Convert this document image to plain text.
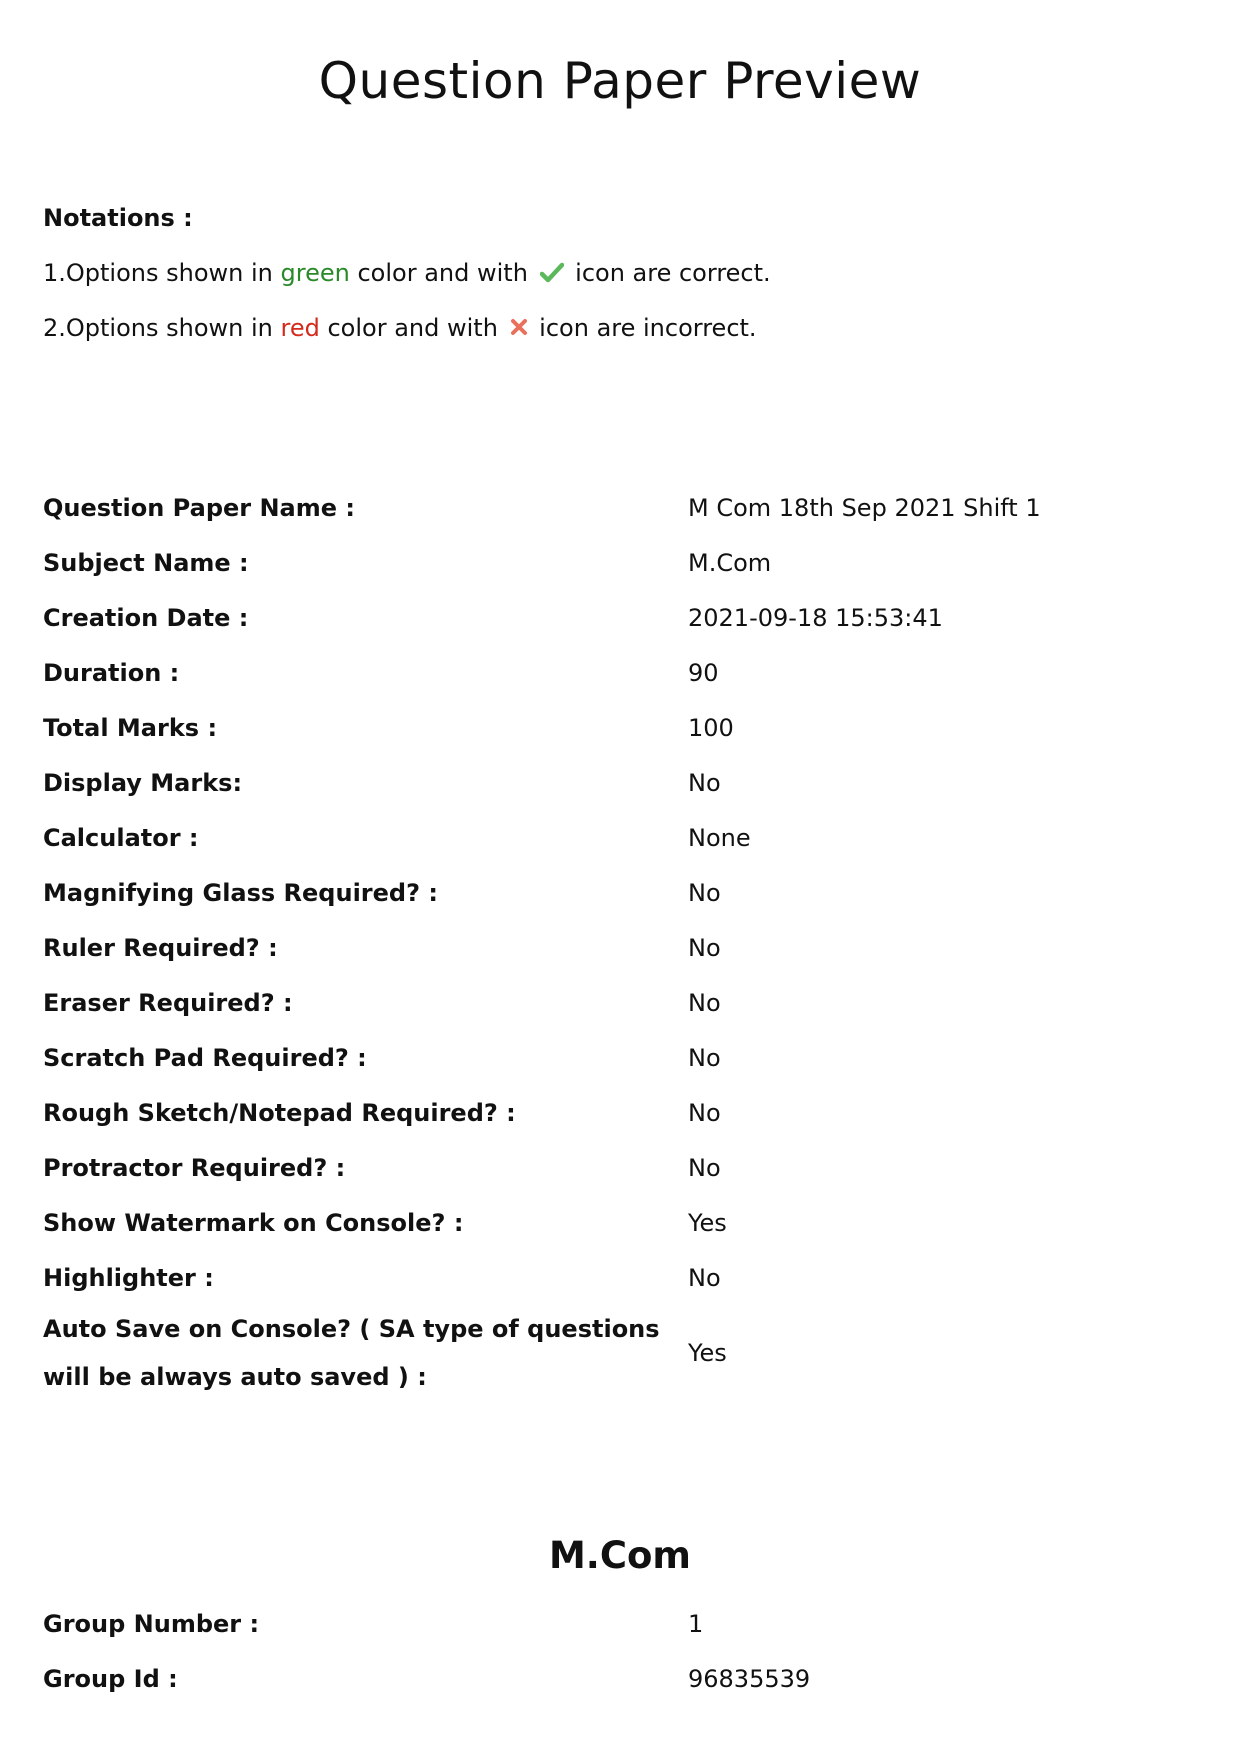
Question Paper Preview
Notations :
1.Options shown in green color and with  icon are correct.
2.Options shown in red color and with  icon are incorrect.
Question Paper Name :	M Com 18th Sep 2021 Shift 1
Subject Name :	M.Com
Creation Date :	2021-09-18 15:53:41
Duration :	90
Total Marks :	100
Display Marks:	No
Calculator :	None
Magnifying Glass Required? :	No
Ruler Required? :	No
Eraser Required? :	No
Scratch Pad Required? :	No
Rough Sketch/Notepad Required? :	No
Protractor Required? :	No
Show Watermark on Console? :	Yes
Highlighter :	No
Auto Save on Console? ( SA type of questions will be always auto saved ) :	Yes
M.Com
Group Number :	1
Group Id :	96835539
